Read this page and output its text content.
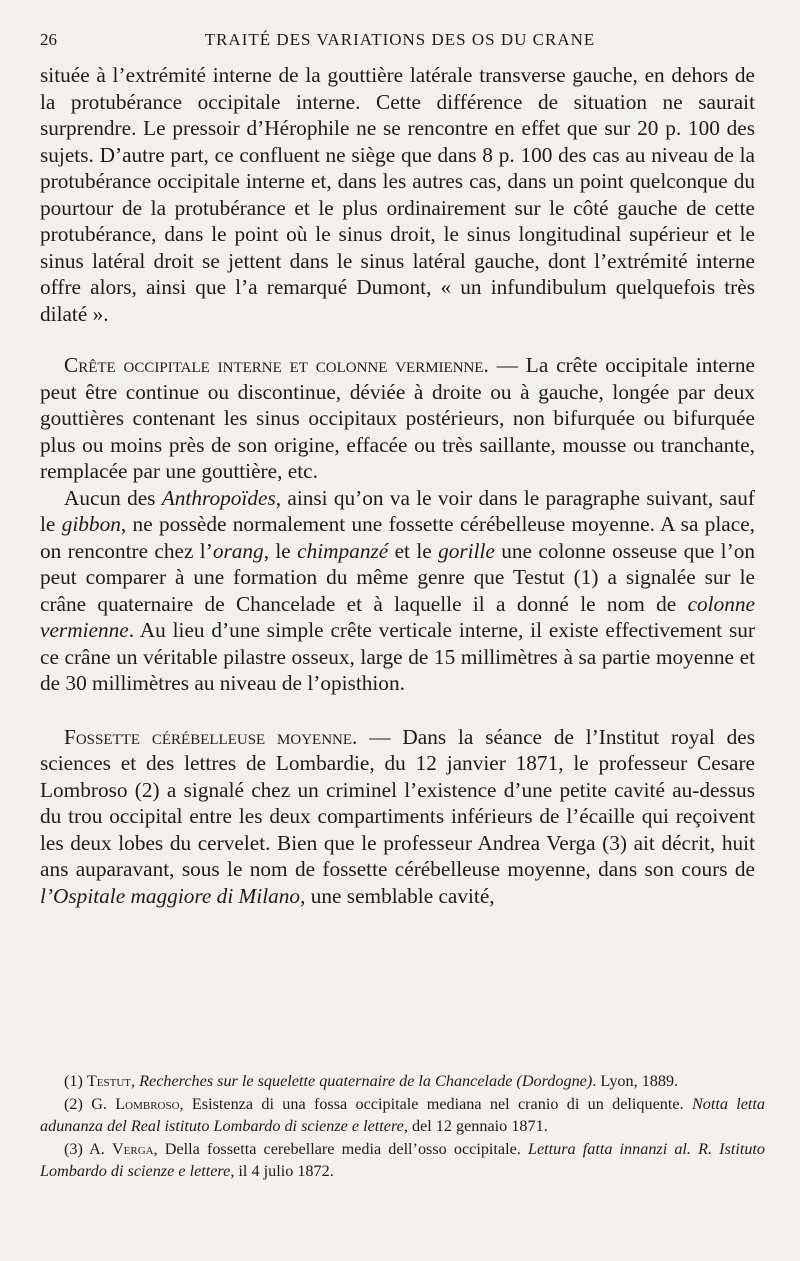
26	TRAITÉ DES VARIATIONS DES OS DU CRANE

située à l’extrémité interne de la gouttière latérale transverse gauche, en dehors de la protubérance occipitale interne. Cette différence de situation ne saurait surprendre. Le pressoir d’Hérophile ne se rencontre en effet que sur 20 p. 100 des sujets. D’autre part, ce confluent ne siège que dans 8 p. 100 des cas au niveau de la protubérance occipitale interne et, dans les autres cas, dans un point quelconque du pourtour de la protubérance et le plus ordinairement sur le côté gauche de cette protubérance, dans le point où le sinus droit, le sinus longitudinal supérieur et le sinus latéral droit se jettent dans le sinus latéral gauche, dont l’extrémité interne offre alors, ainsi que l’a remarqué Dumont, « un infundibulum quelquefois très dilaté ».

Crête occipitale interne et colonne vermienne. — La crête occipitale interne peut être continue ou discontinue, déviée à droite ou à gauche, longée par deux gouttières contenant les sinus occipitaux postérieurs, non bifurquée ou bifurquée plus ou moins près de son origine, effacée ou très saillante, mousse ou tranchante, remplacée par une gouttière, etc.

Aucun des Anthropoïdes, ainsi qu’on va le voir dans le paragraphe suivant, sauf le gibbon, ne possède normalement une fossette cérébelleuse moyenne. A sa place, on rencontre chez l’orang, le chimpanzé et le gorille une colonne osseuse que l’on peut comparer à une formation du même genre que Testut (1) a signalée sur le crâne quaternaire de Chancelade et à laquelle il a donné le nom de colonne vermienne. Au lieu d’une simple crête verticale interne, il existe effectivement sur ce crâne un véritable pilastre osseux, large de 15 millimètres à sa partie moyenne et de 30 millimètres au niveau de l’opisthion.

Fossette cérébelleuse moyenne. — Dans la séance de l’Institut royal des sciences et des lettres de Lombardie, du 12 janvier 1871, le professeur Cesare Lombroso (2) a signalé chez un criminel l’existence d’une petite cavité au-dessus du trou occipital entre les deux compartiments inférieurs de l’écaille qui reçoivent les deux lobes du cervelet. Bien que le professeur Andrea Verga (3) ait décrit, huit ans auparavant, sous le nom de fossette cérébelleuse moyenne, dans son cours de l’Ospitale maggiore di Milano, une semblable cavité,

(1) Testut, Recherches sur le squelette quaternaire de la Chancelade (Dordogne). Lyon, 1889.

(2) G. Lombroso, Esistenza di una fossa occipitale mediana nel cranio di un deliquente. Notta letta adunanza del Real istituto Lombardo di scienze e lettere, del 12 gennaio 1871.

(3) A. Verga, Della fossetta cerebellare media dell’osso occipitale. Lettura fatta innanzi al. R. Istituto Lombardo di scienze e lettere, il 4 julio 1872.
